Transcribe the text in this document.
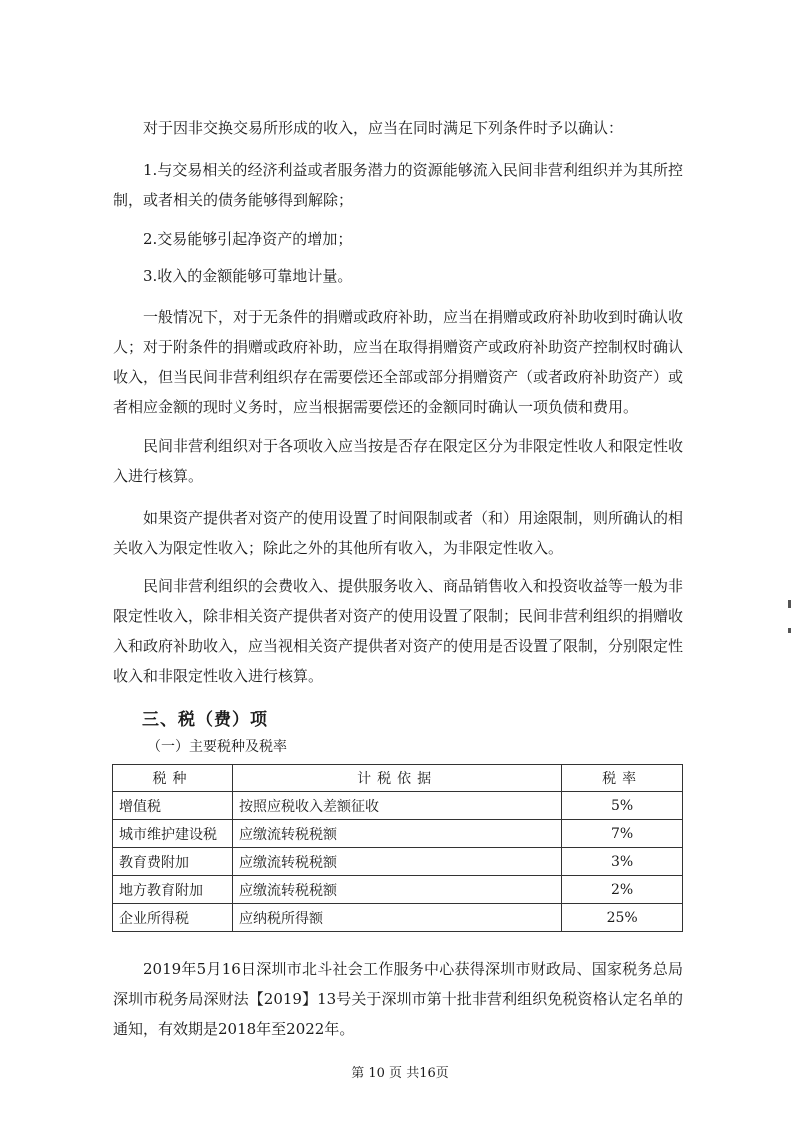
对于因非交换交易所形成的收入，应当在同时满足下列条件时予以确认：

1.与交易相关的经济利益或者服务潜力的资源能够流入民间非营利组织并为其所控制，或者相关的债务能够得到解除；

2.交易能够引起净资产的增加；

3.收入的金额能够可靠地计量。

一般情况下，对于无条件的捐赠或政府补助，应当在捐赠或政府补助收到时确认收人；对于附条件的捐赠或政府补助，应当在取得捐赠资产或政府补助资产控制权时确认收入，但当民间非营利组织存在需要偿还全部或部分捐赠资产（或者政府补助资产）或者相应金额的现时义务时，应当根据需要偿还的金额同时确认一项负债和费用。

民间非营利组织对于各项收入应当按是否存在限定区分为非限定性收人和限定性收入进行核算。

如果资产提供者对资产的使用设置了时间限制或者（和）用途限制，则所确认的相关收入为限定性收入；除此之外的其他所有收入，为非限定性收入。

民间非营利组织的会费收入、提供服务收入、商品销售收入和投资收益等一般为非限定性收入，除非相关资产提供者对资产的使用设置了限制；民间非营利组织的捐赠收入和政府补助收入，应当视相关资产提供者对资产的使用是否设置了限制，分别限定性收入和非限定性收入进行核算。

三、税（费）项

（一）主要税种及税率

税种	计税依据	税率
增值税	按照应税收入差额征收	5%
城市维护建设税	应缴流转税税额	7%
教育费附加	应缴流转税税额	3%
地方教育附加	应缴流转税税额	2%
企业所得税	应纳税所得额	25%

2019年5月16日深圳市北斗社会工作服务中心获得深圳市财政局、国家税务总局深圳市税务局深财法【2019】13号关于深圳市第十批非营利组织免税资格认定名单的通知，有效期是2018年至2022年。

第 10 页 共16页
